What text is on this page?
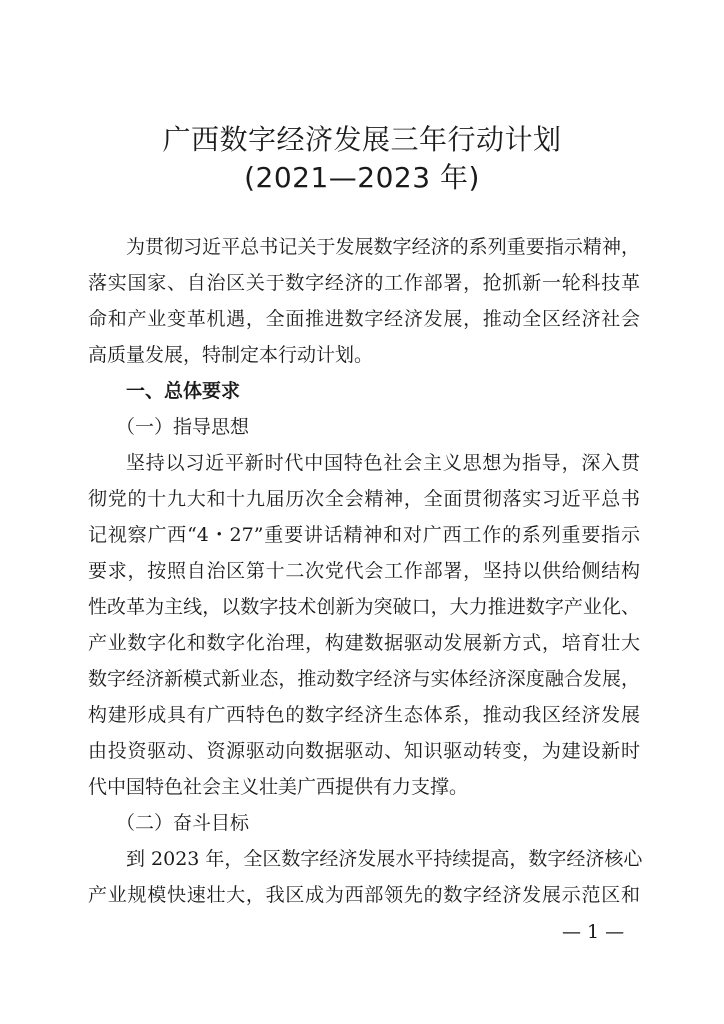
广西数字经济发展三年行动计划
(2021—2023 年)

为贯彻习近平总书记关于发展数字经济的系列重要指示精神，

落实国家、自治区关于数字经济的工作部署，抢抓新一轮科技革

命和产业变革机遇，全面推进数字经济发展，推动全区经济社会

高质量发展，特制定本行动计划。

一、总体要求

（一）指导思想

坚持以习近平新时代中国特色社会主义思想为指导，深入贯

彻党的十九大和十九届历次全会精神，全面贯彻落实习近平总书

记视察广西“4・27”重要讲话精神和对广西工作的系列重要指示

要求，按照自治区第十二次党代会工作部署，坚持以供给侧结构

性改革为主线，以数字技术创新为突破口，大力推进数字产业化、

产业数字化和数字化治理，构建数据驱动发展新方式，培育壮大

数字经济新模式新业态，推动数字经济与实体经济深度融合发展，

构建形成具有广西特色的数字经济生态体系，推动我区经济发展

由投资驱动、资源驱动向数据驱动、知识驱动转变，为建设新时

代中国特色社会主义壮美广西提供有力支撑。

（二）奋斗目标

到 2023 年，全区数字经济发展水平持续提高，数字经济核心

产业规模快速壮大，我区成为西部领先的数字经济发展示范区和

— 1 —
